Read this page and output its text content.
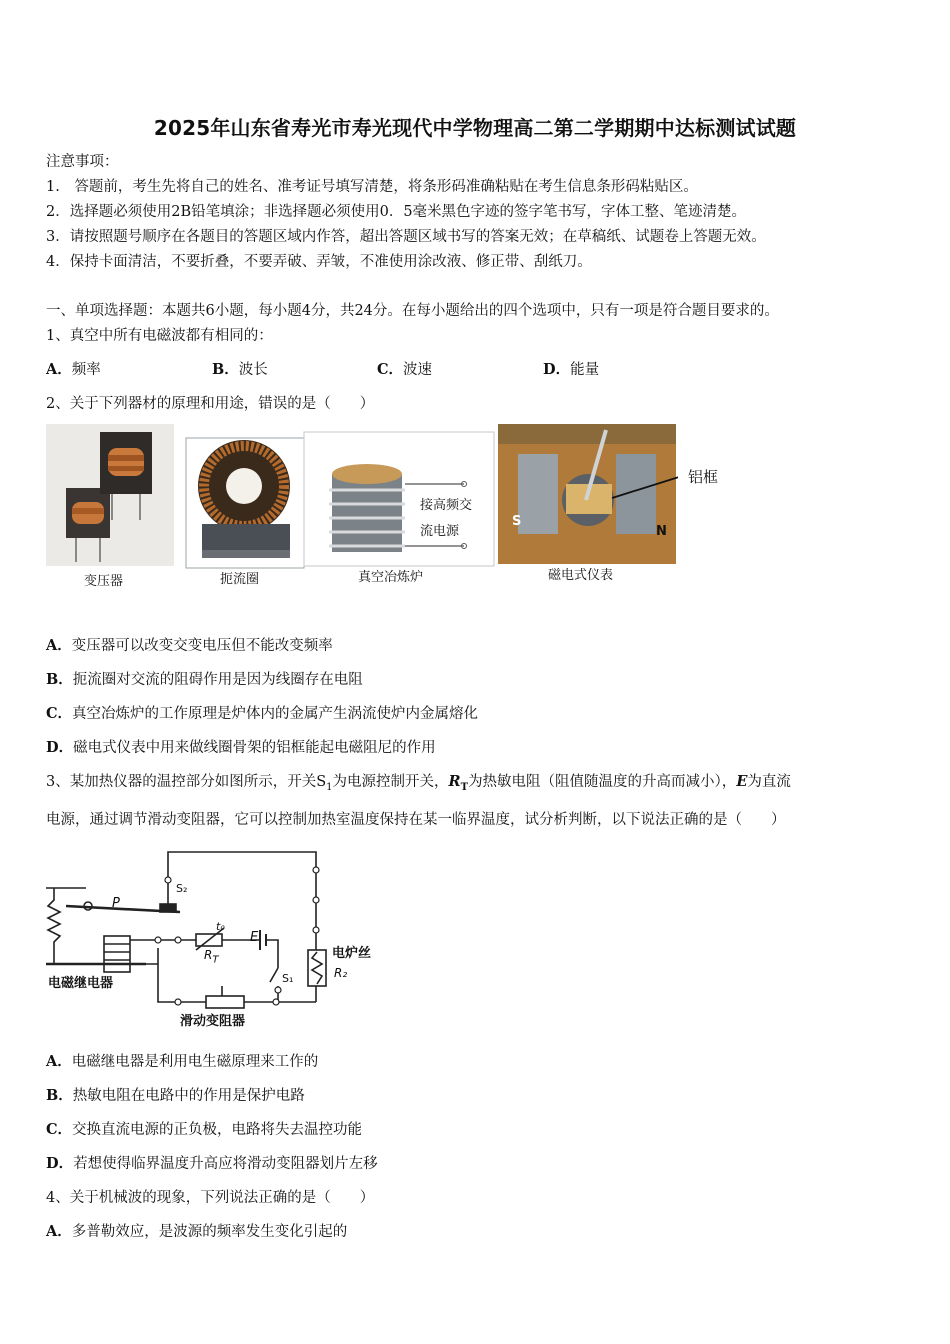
2025年山东省寿光市寿光现代中学物理高二第二学期期中达标测试试题
注意事项：
1.　答题前，考生先将自己的姓名、准考证号填写清楚，将条形码准确粘贴在考生信息条形码粘贴区。
2．选择题必须使用2B铅笔填涂；非选择题必须使用0．5毫米黑色字迹的签字笔书写，字体工整、笔迹清楚。
3．请按照题号顺序在各题目的答题区域内作答，超出答题区域书写的答案无效；在草稿纸、试题卷上答题无效。
4．保持卡面清洁，不要折叠，不要弄破、弄皱，不准使用涂改液、修正带、刮纸刀。
一、单项选择题：本题共6小题，每小题4分，共24分。在每小题给出的四个选项中，只有一项是符合题目要求的。
1、真空中所有电磁波都有相同的：
A．频率	B．波长	C．波速	D．能量
2、关于下列器材的原理和用途，错误的是（　　）
变压器	扼流圈	真空冶炼炉
接高频交
流电源
磁电式仪表
S
N
铝框
A．变压器可以改变交变电压但不能改变频率
B．扼流圈对交流的阻碍作用是因为线圈存在电阻
C．真空冶炼炉的工作原理是炉体内的金属产生涡流使炉内金属熔化
D．磁电式仪表中用来做线圈骨架的铝框能起电磁阻尼的作用
3、某加热仪器的温控部分如图所示，开关$S_1$为电源控制开关，$R_T$为热敏电阻（阻值随温度的升高而减小），E为直流
电源，通过调节滑动变阻器，它可以控制加热室温度保持在某一临界温度，试分析判断，以下说法正确的是（　　）
电磁继电器
滑动变阻器
电炉丝
P
S₂
S₁
t₀
$R_T$
E
R₂
A．电磁继电器是利用电生磁原理来工作的
B．热敏电阻在电路中的作用是保护电路
C．交换直流电源的正负极，电路将失去温控功能
D．若想使得临界温度升高应将滑动变阻器划片左移
4、关于机械波的现象，下列说法正确的是（　　）
A．多普勒效应，是波源的频率发生变化引起的
